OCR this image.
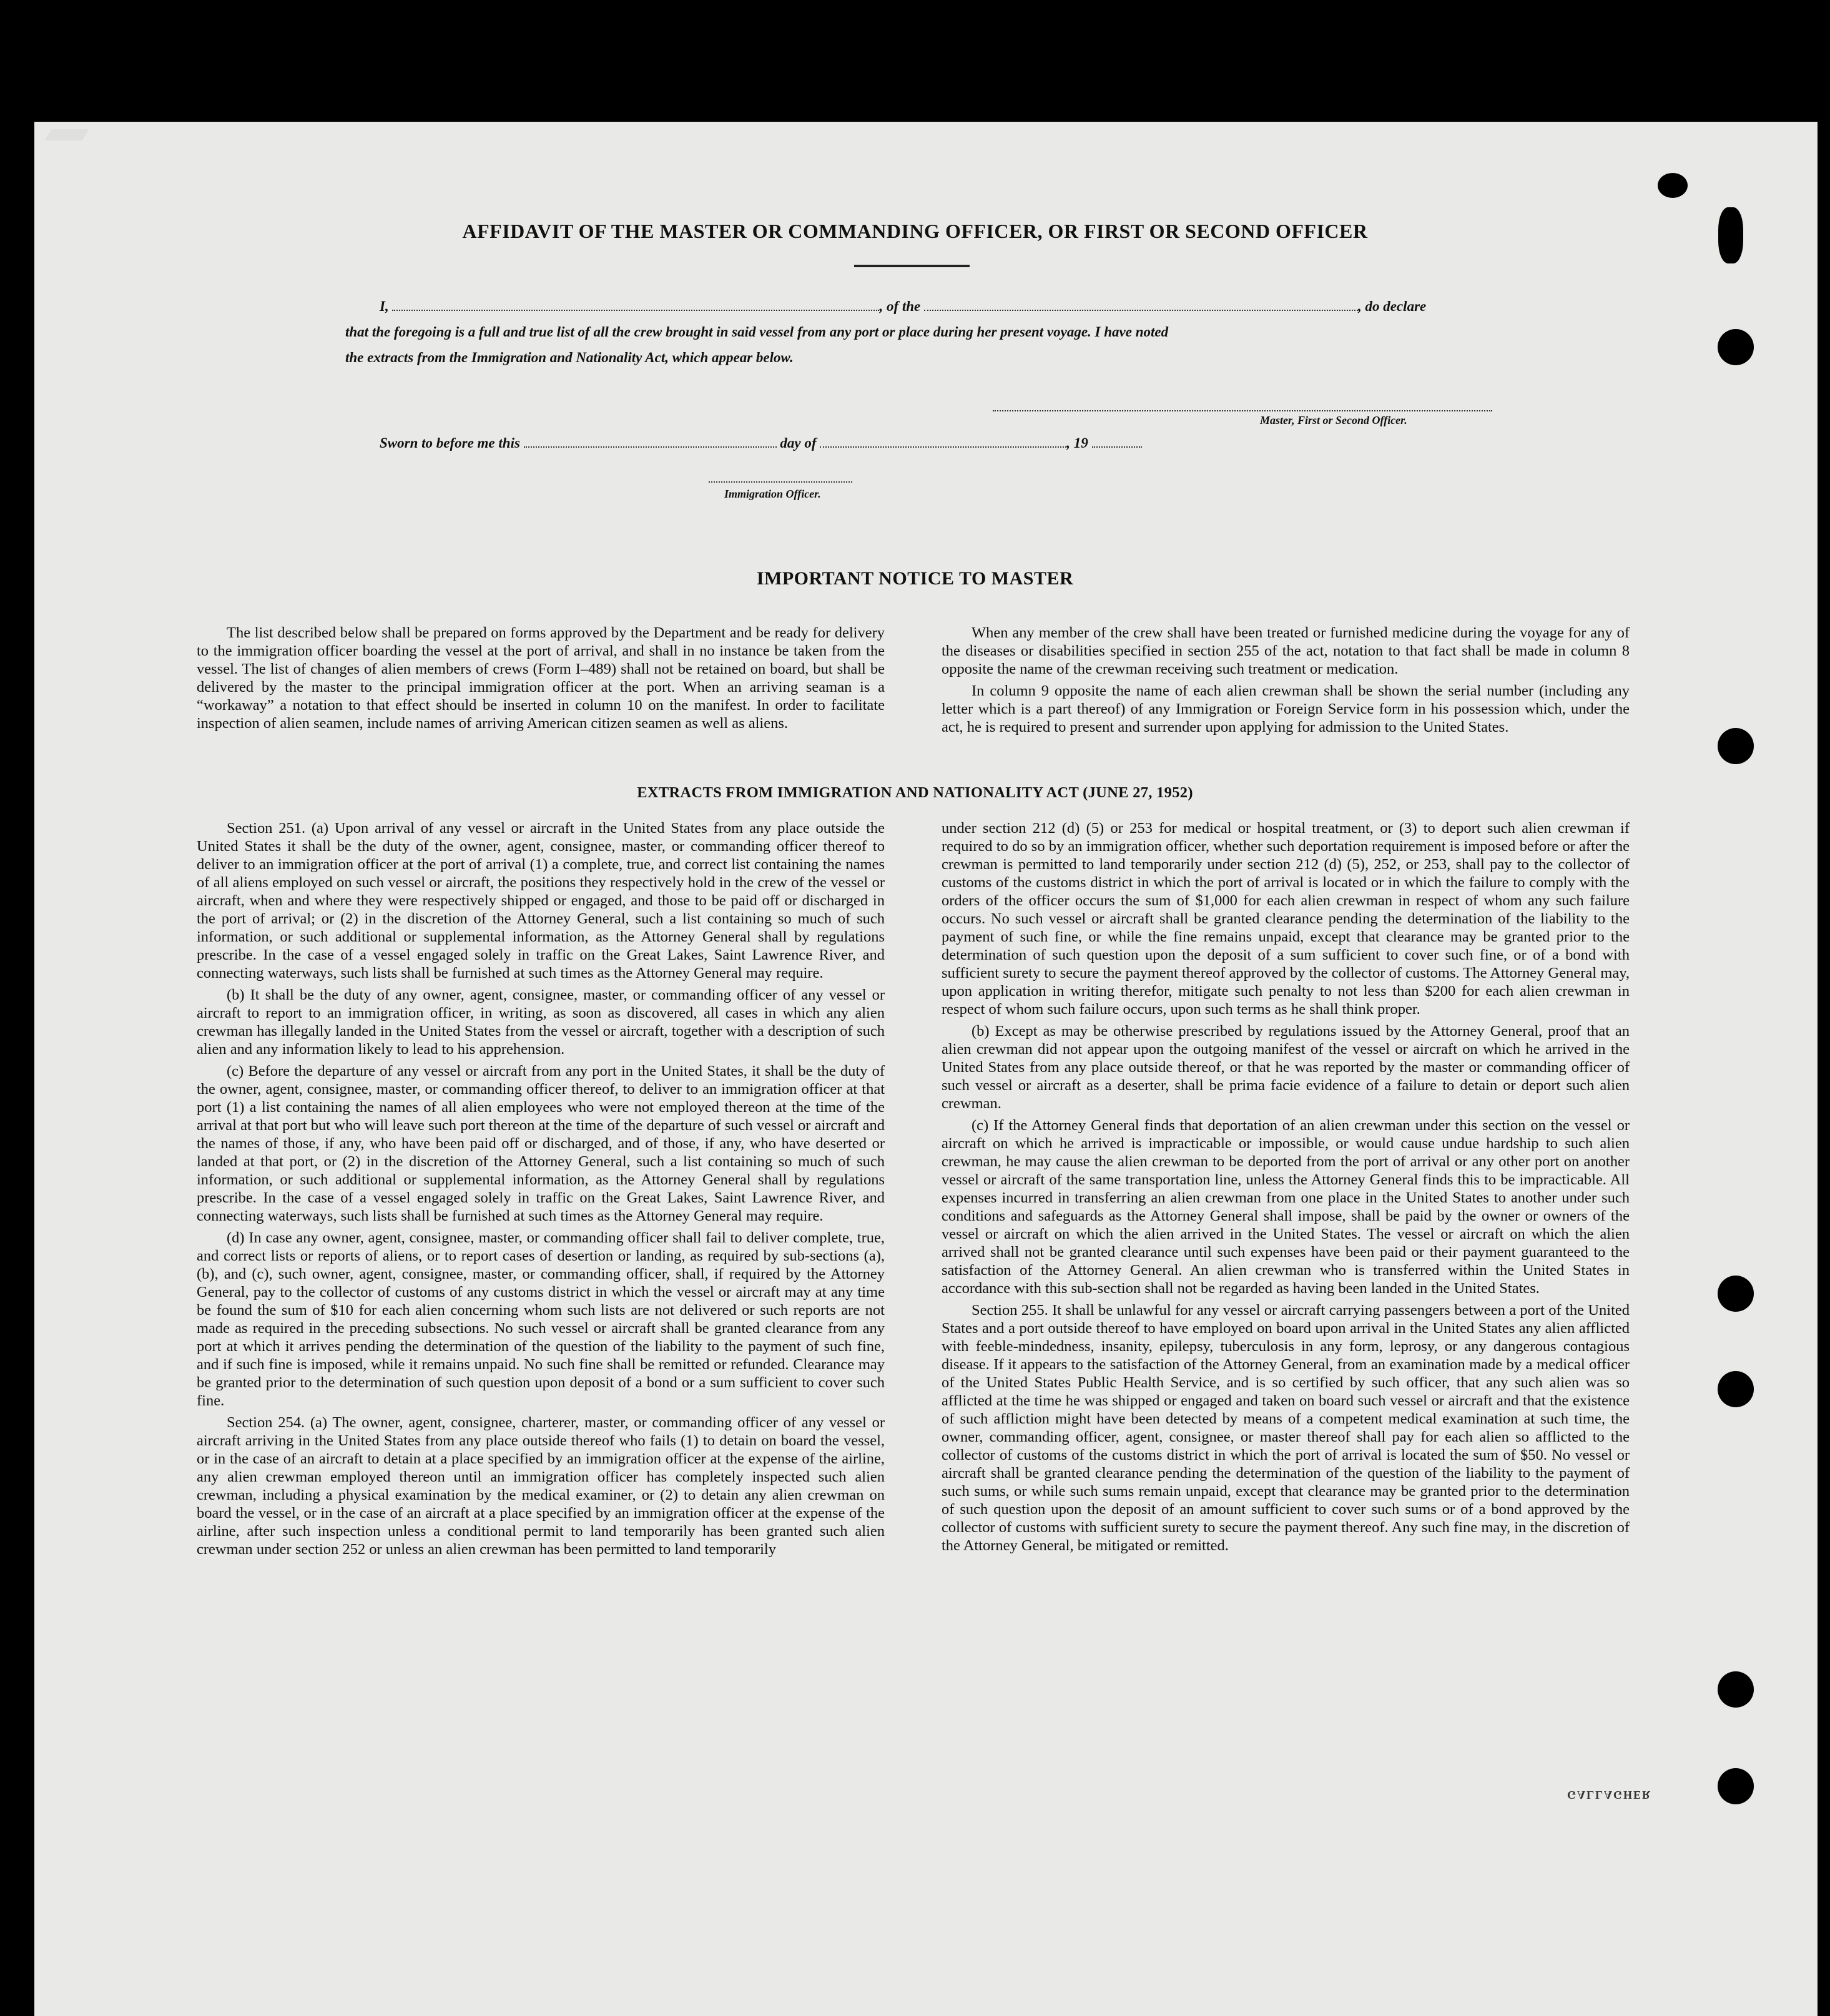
AFFIDAVIT OF THE MASTER OR COMMANDING OFFICER, OR FIRST OR SECOND OFFICER
I,	, of the	, do declare
that the foregoing is a full and true list of all the crew brought in said vessel from any port or place during her present voyage. I have noted
the extracts from the Immigration and Nationality Act, which appear below.
Master, First or Second Officer.
Sworn to before me this	day of	, 19
Immigration Officer.
IMPORTANT NOTICE TO MASTER

The list described below shall be prepared on forms approved by the Department and be ready for delivery to the immigration officer boarding the vessel at the port of arrival, and shall in no instance be taken from the vessel. The list of changes of alien members of crews (Form I–489) shall not be retained on board, but shall be delivered by the master to the principal immigration officer at the port. When an arriving seaman is a “workaway” a notation to that effect should be inserted in column 10 on the manifest. In order to facilitate inspection of alien seamen, include names of arriving American citizen seamen as well as aliens.

When any member of the crew shall have been treated or furnished medicine during the voyage for any of the diseases or disabilities specified in section 255 of the act, notation to that fact shall be made in column 8 opposite the name of the crewman receiving such treatment or medication.

In column 9 opposite the name of each alien crewman shall be shown the serial number (including any letter which is a part thereof) of any Immigration or Foreign Service form in his possession which, under the act, he is required to present and surrender upon applying for admission to the United States.

EXTRACTS FROM IMMIGRATION AND NATIONALITY ACT (JUNE 27, 1952)

Section 251. (a) Upon arrival of any vessel or aircraft in the United States from any place outside the United States it shall be the duty of the owner, agent, consignee, master, or commanding officer thereof to deliver to an immigration officer at the port of arrival (1) a complete, true, and correct list containing the names of all aliens employed on such vessel or aircraft, the positions they respectively hold in the crew of the vessel or aircraft, when and where they were respectively shipped or engaged, and those to be paid off or discharged in the port of arrival; or (2) in the discretion of the Attorney General, such a list containing so much of such information, or such additional or supplemental information, as the Attorney General shall by regulations prescribe. In the case of a vessel engaged solely in traffic on the Great Lakes, Saint Lawrence River, and connecting waterways, such lists shall be furnished at such times as the Attorney General may require.

(b) It shall be the duty of any owner, agent, consignee, master, or commanding officer of any vessel or aircraft to report to an immigration officer, in writing, as soon as discovered, all cases in which any alien crewman has illegally landed in the United States from the vessel or aircraft, together with a description of such alien and any information likely to lead to his apprehension.

(c) Before the departure of any vessel or aircraft from any port in the United States, it shall be the duty of the owner, agent, consignee, master, or commanding officer thereof, to deliver to an immigration officer at that port (1) a list containing the names of all alien employees who were not employed thereon at the time of the arrival at that port but who will leave such port thereon at the time of the departure of such vessel or aircraft and the names of those, if any, who have been paid off or discharged, and of those, if any, who have deserted or landed at that port, or (2) in the discretion of the Attorney General, such a list containing so much of such information, or such additional or supplemental information, as the Attorney General shall by regulations prescribe. In the case of a vessel engaged solely in traffic on the Great Lakes, Saint Lawrence River, and connecting waterways, such lists shall be furnished at such times as the Attorney General may require.

(d) In case any owner, agent, consignee, master, or commanding officer shall fail to deliver complete, true, and correct lists or reports of aliens, or to report cases of desertion or landing, as required by sub-sections (a), (b), and (c), such owner, agent, consignee, master, or commanding officer, shall, if required by the Attorney General, pay to the collector of customs of any customs district in which the vessel or aircraft may at any time be found the sum of $10 for each alien concerning whom such lists are not delivered or such reports are not made as required in the preceding subsections. No such vessel or aircraft shall be granted clearance from any port at which it arrives pending the determination of the question of the liability to the payment of such fine, and if such fine is imposed, while it remains unpaid. No such fine shall be remitted or refunded. Clearance may be granted prior to the determination of such question upon deposit of a bond or a sum sufficient to cover such fine.

Section 254. (a) The owner, agent, consignee, charterer, master, or commanding officer of any vessel or aircraft arriving in the United States from any place outside thereof who fails (1) to detain on board the vessel, or in the case of an aircraft to detain at a place specified by an immigration officer at the expense of the airline, any alien crewman employed thereon until an immigration officer has completely inspected such alien crewman, including a physical examination by the medical examiner, or (2) to detain any alien crewman on board the vessel, or in the case of an aircraft at a place specified by an immigration officer at the expense of the airline, after such inspection unless a conditional permit to land temporarily has been granted such alien crewman under section 252 or unless an alien crewman has been permitted to land temporarily

under section 212 (d) (5) or 253 for medical or hospital treatment, or (3) to deport such alien crewman if required to do so by an immigration officer, whether such deportation requirement is imposed before or after the crewman is permitted to land temporarily under section 212 (d) (5), 252, or 253, shall pay to the collector of customs of the customs district in which the port of arrival is located or in which the failure to comply with the orders of the officer occurs the sum of $1,000 for each alien crewman in respect of whom any such failure occurs. No such vessel or aircraft shall be granted clearance pending the determination of the liability to the payment of such fine, or while the fine remains unpaid, except that clearance may be granted prior to the determination of such question upon the deposit of a sum sufficient to cover such fine, or of a bond with sufficient surety to secure the payment thereof approved by the collector of customs. The Attorney General may, upon application in writing therefor, mitigate such penalty to not less than $200 for each alien crewman in respect of whom such failure occurs, upon such terms as he shall think proper.

(b) Except as may be otherwise prescribed by regulations issued by the Attorney General, proof that an alien crewman did not appear upon the outgoing manifest of the vessel or aircraft on which he arrived in the United States from any place outside thereof, or that he was reported by the master or commanding officer of such vessel or aircraft as a deserter, shall be prima facie evidence of a failure to detain or deport such alien crewman.

(c) If the Attorney General finds that deportation of an alien crewman under this section on the vessel or aircraft on which he arrived is impracticable or impossible, or would cause undue hardship to such alien crewman, he may cause the alien crewman to be deported from the port of arrival or any other port on another vessel or aircraft of the same transportation line, unless the Attorney General finds this to be impracticable. All expenses incurred in transferring an alien crewman from one place in the United States to another under such conditions and safeguards as the Attorney General shall impose, shall be paid by the owner or owners of the vessel or aircraft on which the alien arrived in the United States. The vessel or aircraft on which the alien arrived shall not be granted clearance until such expenses have been paid or their payment guaranteed to the satisfaction of the Attorney General. An alien crewman who is transferred within the United States in accordance with this sub-section shall not be regarded as having been landed in the United States.

Section 255. It shall be unlawful for any vessel or aircraft carrying passengers between a port of the United States and a port outside thereof to have employed on board upon arrival in the United States any alien afflicted with feeble-mindedness, insanity, epilepsy, tuberculosis in any form, leprosy, or any dangerous contagious disease. If it appears to the satisfaction of the Attorney General, from an examination made by a medical officer of the United States Public Health Service, and is so certified by such officer, that any such alien was so afflicted at the time he was shipped or engaged and taken on board such vessel or aircraft and that the existence of such affliction might have been detected by means of a competent medical examination at such time, the owner, commanding officer, agent, consignee, or master thereof shall pay for each alien so afflicted to the collector of customs of the customs district in which the port of arrival is located the sum of $50. No vessel or aircraft shall be granted clearance pending the determination of the question of the liability to the payment of such sums, or while such sums remain unpaid, except that clearance may be granted prior to the determination of such question upon the deposit of an amount sufficient to cover such sums or of a bond approved by the collector of customs with sufficient surety to secure the payment thereof. Any such fine may, in the discretion of the Attorney General, be mitigated or remitted.

GALLAGHER
